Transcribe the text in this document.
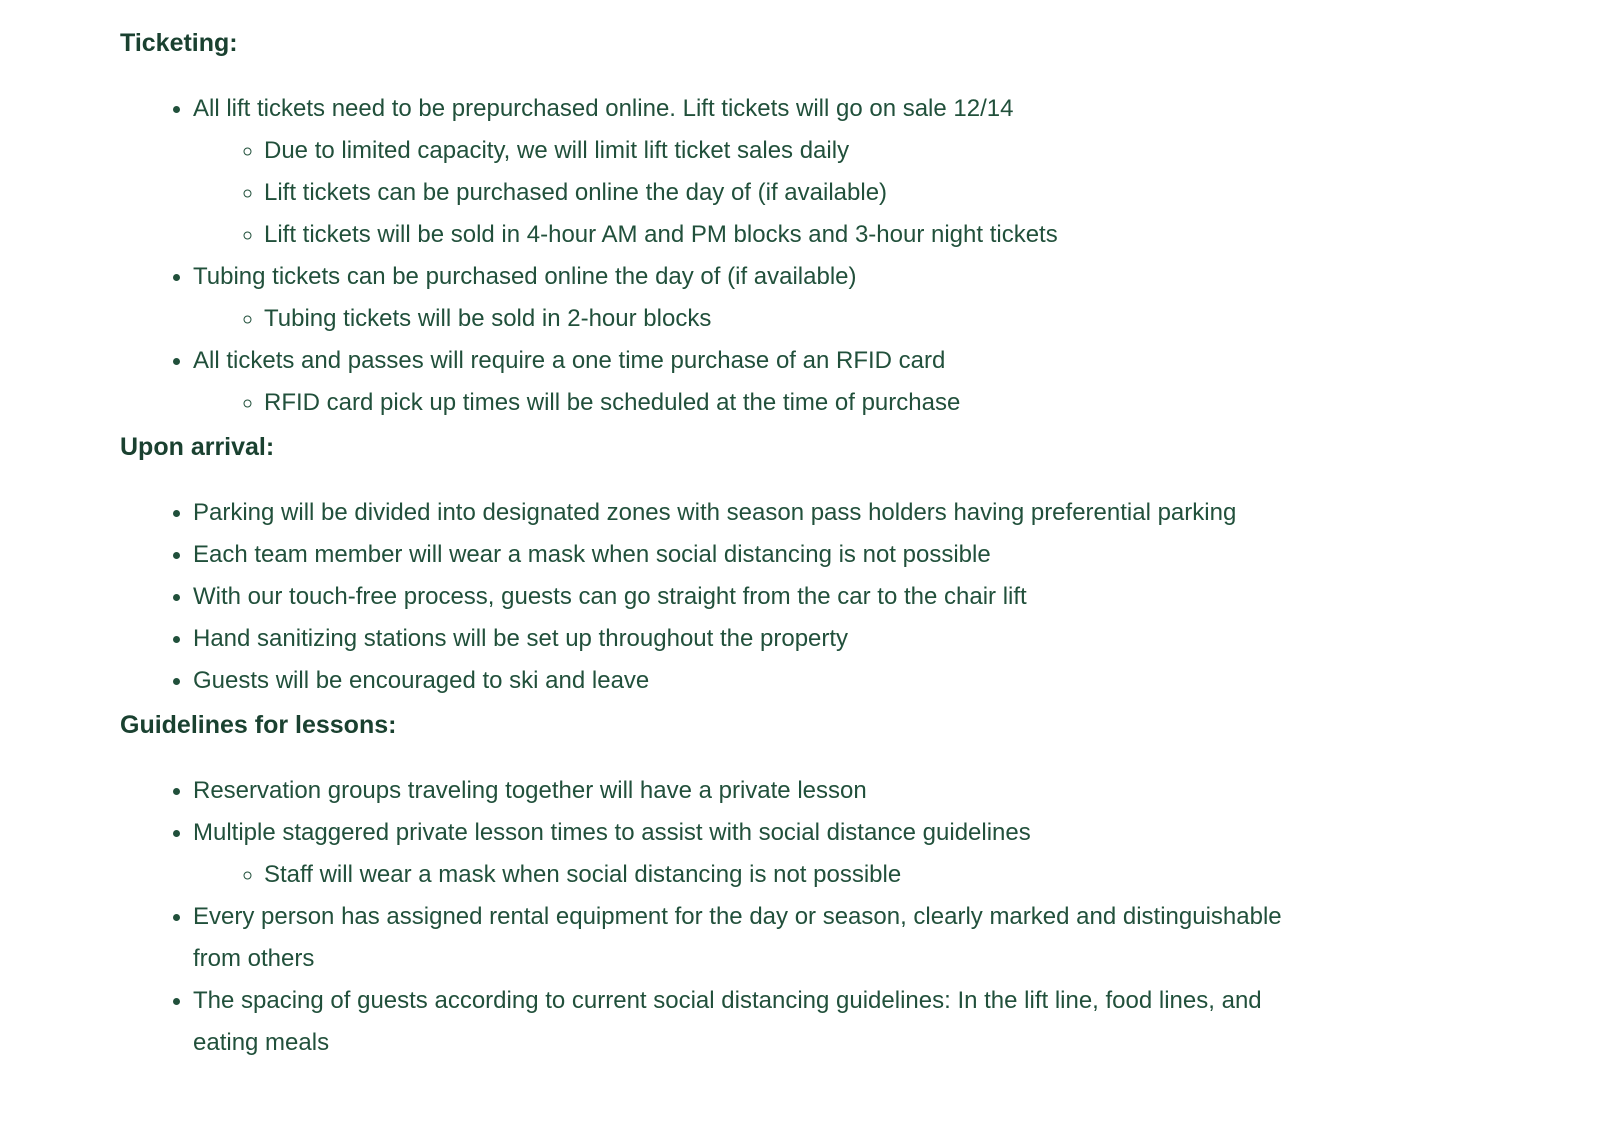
Ticketing:

• All lift tickets need to be prepurchased online. Lift tickets will go on sale 12/14
◦ Due to limited capacity, we will limit lift ticket sales daily
◦ Lift tickets can be purchased online the day of (if available)
◦ Lift tickets will be sold in 4-hour AM and PM blocks and 3-hour night tickets
• Tubing tickets can be purchased online the day of (if available)
◦ Tubing tickets will be sold in 2-hour blocks
• All tickets and passes will require a one time purchase of an RFID card
◦ RFID card pick up times will be scheduled at the time of purchase

Upon arrival:

• Parking will be divided into designated zones with season pass holders having preferential parking
• Each team member will wear a mask when social distancing is not possible
• With our touch-free process, guests can go straight from the car to the chair lift
• Hand sanitizing stations will be set up throughout the property
• Guests will be encouraged to ski and leave

Guidelines for lessons:

• Reservation groups traveling together will have a private lesson
• Multiple staggered private lesson times to assist with social distance guidelines
◦ Staff will wear a mask when social distancing is not possible
• Every person has assigned rental equipment for the day or season, clearly marked and distinguishable from others
• The spacing of guests according to current social distancing guidelines: In the lift line, food lines, and eating meals
